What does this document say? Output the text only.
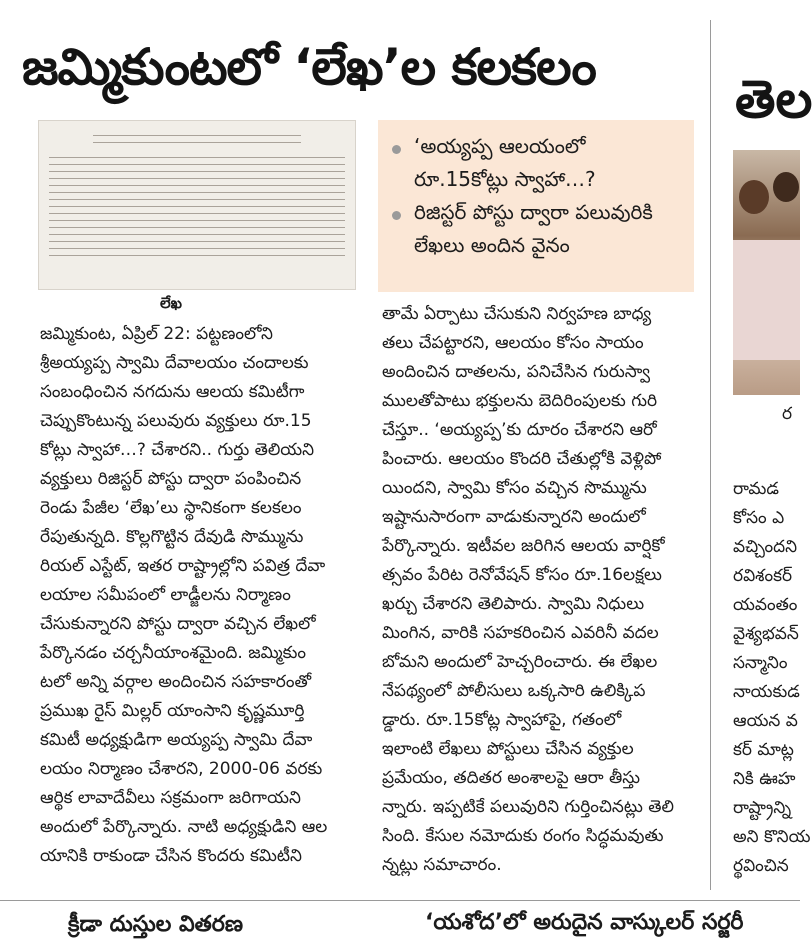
జమ్మికుంటలో ‘లేఖ’ల కలకలం
తెల
లేఖ
‘అయ్యప్ప ఆలయంలో రూ.15కోట్లు స్వాహా…?
రిజిస్టర్ పోస్టు ద్వారా పలువురికి లేఖలు అందిన వైనం
జమ్మికుంట, ఏప్రిల్ 22: పట్టణంలోని
శ్రీఅయ్యప్ప స్వామి దేవాలయం చందాలకు
సంబంధించిన నగదును ఆలయ కమిటీగా
చెప్పుకొంటున్న పలువురు వ్యక్తులు రూ.15
కోట్లు స్వాహా…? చేశారని.. గుర్తు తెలియని
వ్యక్తులు రిజిస్టర్ పోస్టు ద్వారా పంపించిన
రెండు పేజీల ‘లేఖ’లు స్థానికంగా కలకలం
రేపుతున్నది. కొల్లగొట్టిన దేవుడి సొమ్మును
రియల్ ఎస్టేట్, ఇతర రాష్ట్రాల్లోని పవిత్ర దేవా
లయాల సమీపంలో లాడ్జీలను నిర్మాణం
చేసుకున్నారని పోస్టు ద్వారా వచ్చిన లేఖలో
పేర్కొనడం చర్చనీయాంశమైంది. జమ్మికుం
టలో అన్ని వర్గాల అందించిన సహకారంతో
ప్రముఖ రైస్ మిల్లర్ యాంసాని కృష్ణమూర్తి
కమిటీ అధ్యక్షుడిగా అయ్యప్ప స్వామి దేవా
లయం నిర్మాణం చేశారని, 2000-06 వరకు
ఆర్థిక లావాదేవీలు సక్రమంగా జరిగాయని
అందులో పేర్కొన్నారు. నాటి అధ్యక్షుడిని ఆల
యానికి రాకుండా చేసిన కొందరు కమిటీని
తామే ఏర్పాటు చేసుకుని నిర్వహణ బాధ్య
తలు చేపట్టారని, ఆలయం కోసం సాయం
అందించిన దాతలను, పనిచేసిన గురుస్వా
ములతోపాటు భక్తులను బెదిరింపులకు గురి
చేస్తూ.. ‘అయ్యప్ప’కు దూరం చేశారని ఆరో
పించారు. ఆలయం కొందరి చేతుల్లోకి వెళ్లిపో
యిందని, స్వామి కోసం వచ్చిన సొమ్మును
ఇష్టానుసారంగా వాడుకున్నారని అందులో
పేర్కొన్నారు. ఇటీవల జరిగిన ఆలయ వార్షికో
త్సవం పేరిట రెనోవేషన్ కోసం రూ.16లక్షలు
ఖర్చు చేశారని తెలిపారు. స్వామి నిధులు
మింగిన, వారికి సహకరించిన ఎవరినీ వదల
బోమని అందులో హెచ్చరించారు. ఈ లేఖల
నేపథ్యంలో పోలీసులు ఒక్కసారి ఉలిక్కిప
డ్డారు. రూ.15కోట్ల స్వాహాపై, గతంలో
ఇలాంటి లేఖలు పోస్టులు చేసిన వ్యక్తుల
ప్రమేయం, తదితర అంశాలపై ఆరా తీస్తు
న్నారు. ఇప్పటికే పలువురిని గుర్తించినట్లు తెలి
సింది. కేసుల నమోదుకు రంగం సిద్ధమవుతు
న్నట్లు సమాచారం.
ర
రామడ
కోసం ఎ
వచ్చిందని
రవిశంకర్
యవంతం
వైశ్యభవన్
సన్మానిం
నాయకుడ
ఆయన వ
కర్ మాట్ల
నికి ఊహ
రాష్ట్రాన్ని
అని కొనియ
ర్థవించిన
క్రీడా దుస్తుల వితరణ	‘యశోద’లో అరుదైన వాస్కులర్ సర్జరీ
